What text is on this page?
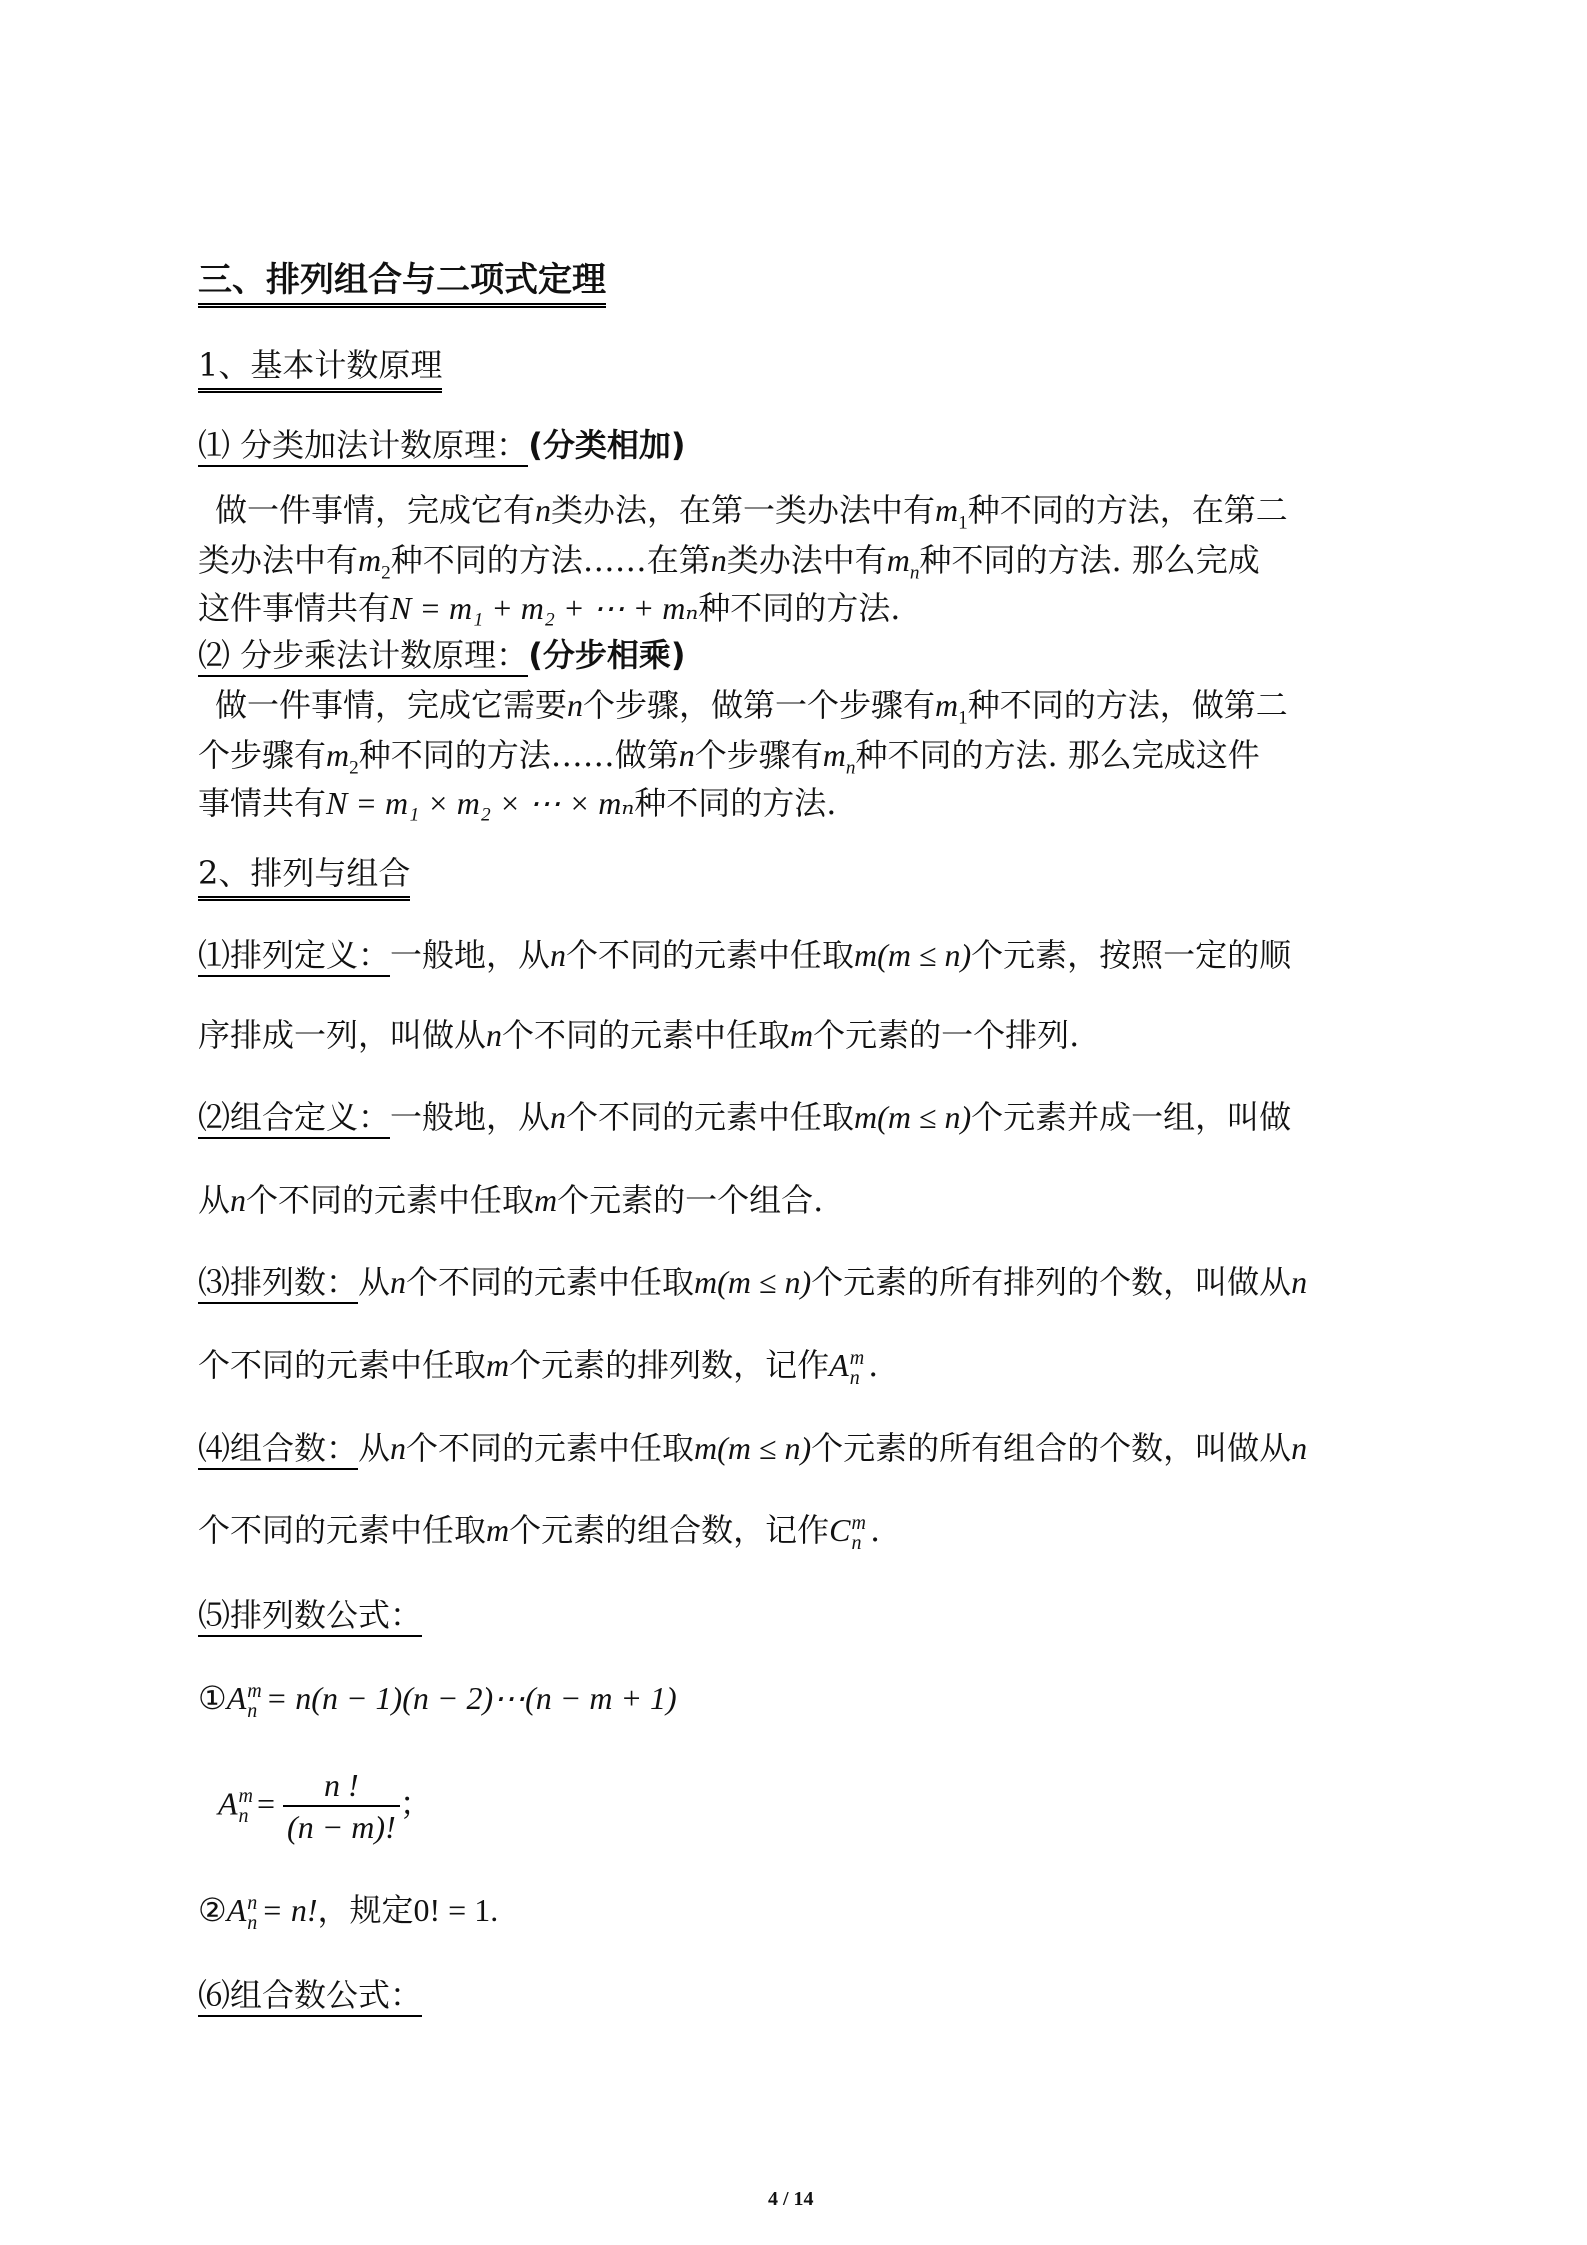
三、排列组合与二项式定理
1、基本计数原理
⑴ 分类加法计数原理：(分类相加)
做一件事情，完成它有n类办法，在第一类办法中有$m_1$种不同的方法，在第二
类办法中有$m_2$种不同的方法……在第n类办法中有$m_n$种不同的方法. 那么完成
这件事情共有N = m₁ + m₂ + ⋯ + mₙ种不同的方法.
⑵ 分步乘法计数原理：(分步相乘)
做一件事情，完成它需要n个步骤，做第一个步骤有$m_1$种不同的方法，做第二
个步骤有$m_2$种不同的方法……做第n个步骤有$m_n$种不同的方法. 那么完成这件
事情共有N = m₁ × m₂ × ⋯ × mₙ种不同的方法.
2、排列与组合
⑴排列定义：一般地，从n个不同的元素中任取m(m ≤ n)个元素，按照一定的顺
序排成一列，叫做从n个不同的元素中任取m个元素的一个排列.
⑵组合定义：一般地，从n个不同的元素中任取m(m ≤ n)个元素并成一组，叫做
从n个不同的元素中任取m个元素的一个组合.
⑶排列数：从n个不同的元素中任取m(m ≤ n)个元素的所有排列的个数，叫做从n
个不同的元素中任取m个元素的排列数，记作A m
n .
⑷组合数：从n个不同的元素中任取m(m ≤ n)个元素的所有组合的个数，叫做从n
个不同的元素中任取m个元素的组合数，记作C m
n .
⑸排列数公式：
①A m
n = n(n − 1)(n − 2)⋯(n − m + 1)
A m
$n = \frac{n !}{(n - m)!}$ ；
②A n
n = n!，规定0! = 1.
⑹组合数公式：
4 / 14
